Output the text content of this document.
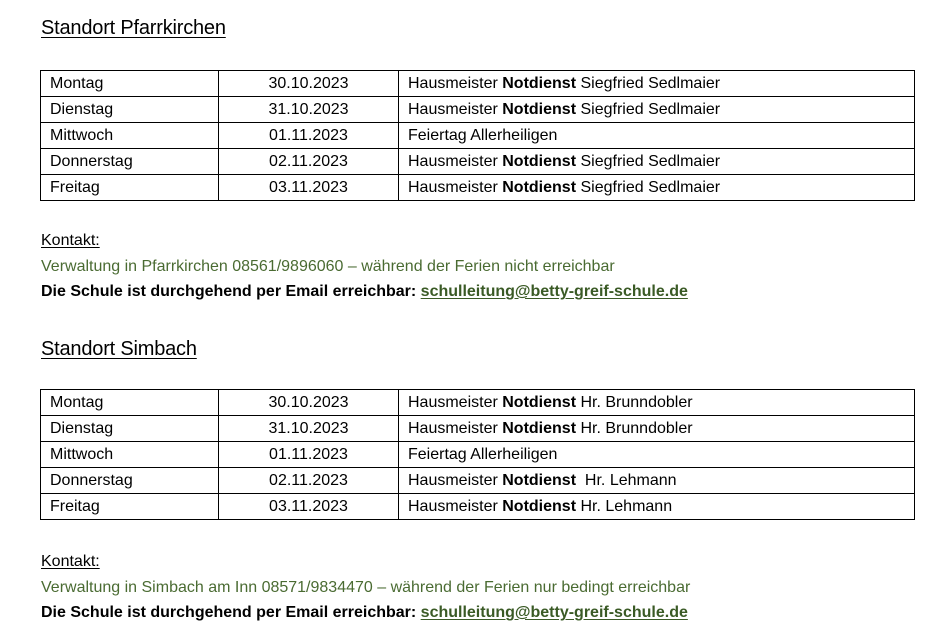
Standort Pfarrkirchen
Montag	30.10.2023	Hausmeister Notdienst Siegfried Sedlmaier
Dienstag	31.10.2023	Hausmeister Notdienst Siegfried Sedlmaier
Mittwoch	01.11.2023	Feiertag Allerheiligen
Donnerstag	02.11.2023	Hausmeister Notdienst Siegfried Sedlmaier
Freitag	03.11.2023	Hausmeister Notdienst Siegfried Sedlmaier
Kontakt:
Verwaltung in Pfarrkirchen 08561/9896060 – während der Ferien nicht erreichbar
Die Schule ist durchgehend per Email erreichbar: schulleitung@betty-greif-schule.de
Standort Simbach
Montag	30.10.2023	Hausmeister Notdienst Hr. Brunndobler
Dienstag	31.10.2023	Hausmeister Notdienst Hr. Brunndobler
Mittwoch	01.11.2023	Feiertag Allerheiligen
Donnerstag	02.11.2023	Hausmeister Notdienst  Hr. Lehmann
Freitag	03.11.2023	Hausmeister Notdienst Hr. Lehmann
Kontakt:
Verwaltung in Simbach am Inn 08571/9834470 – während der Ferien nur bedingt erreichbar
Die Schule ist durchgehend per Email erreichbar: schulleitung@betty-greif-schule.de
